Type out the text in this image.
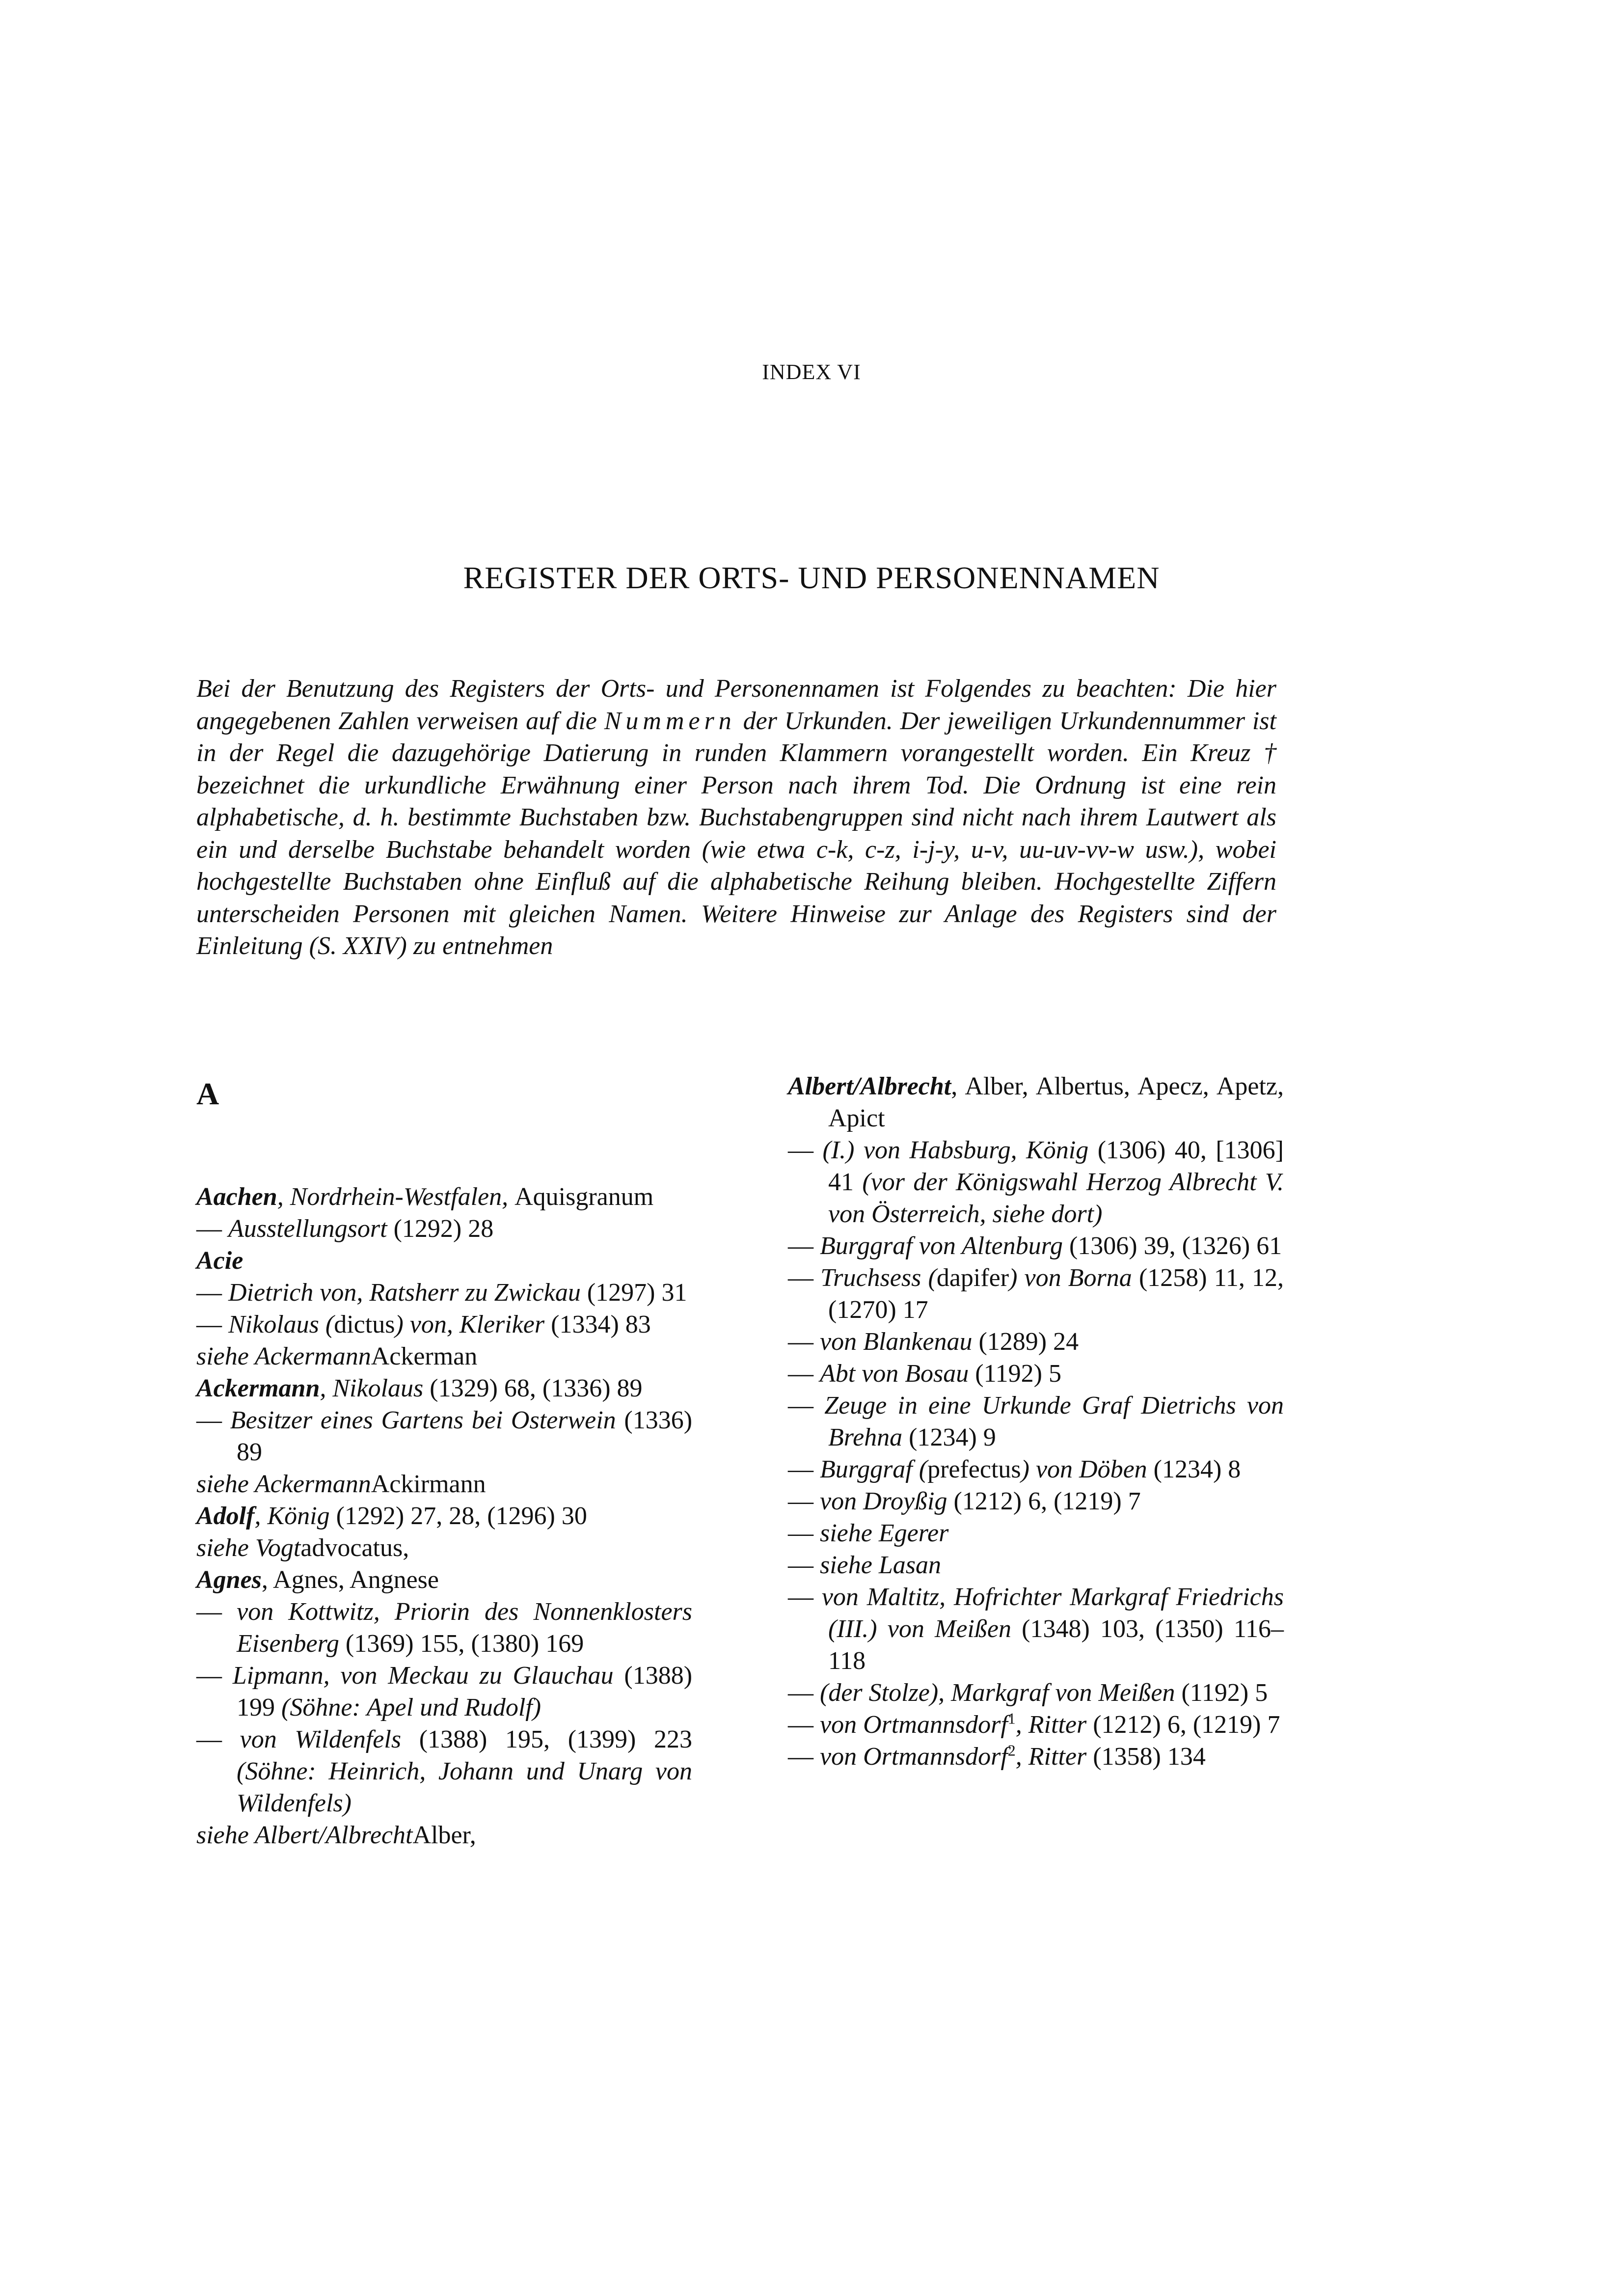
INDEX VI
REGISTER DER ORTS- UND PERSONENNAMEN

Bei der Benutzung des Registers der Orts- und Personennamen ist Folgendes zu beachten: Die hier angegebenen Zahlen verweisen auf die Nummern der Urkunden. Der jeweiligen Urkundennummer ist in der Regel die dazugehörige Datierung in runden Klammern vorangestellt worden. Ein Kreuz † bezeichnet die urkundliche Erwähnung einer Person nach ihrem Tod. Die Ordnung ist eine rein alphabetische, d. h. bestimmte Buchstaben bzw. Buchstabengruppen sind nicht nach ihrem Lautwert als ein und derselbe Buchstabe behandelt worden (wie etwa c-k, c-z, i-j-y, u-v, uu-uv-vv-w usw.), wobei hochgestellte Buchstaben ohne Einfluß auf die alphabetische Reihung bleiben. Hochgestellte Ziffern unterscheiden Personen mit gleichen Namen. Weitere Hinweise zur Anlage des Registers sind der Einleitung (S. XXIV) zu entnehmen

A
Aachen, Nordrhein-Westfalen, Aquisgranum
— Ausstellungsort (1292) 28
Acie
— Dietrich von, Ratsherr zu Zwickau (1297) 31
— Nikolaus (dictus) von, Kleriker (1334) 83
siehe AckermannAckerman
Ackermann, Nikolaus (1329) 68, (1336) 89
— Besitzer eines Gartens bei Osterwein (1336) 89
siehe AckermannAckirmann
Adolf, König (1292) 27, 28, (1296) 30
siehe Vogtadvocatus,
Agnes, Agnes, Angnese
— von Kottwitz, Priorin des Nonnenklosters Eisenberg (1369) 155, (1380) 169
— Lipmann, von Meckau zu Glauchau (1388) 199 (Söhne: Apel und Rudolf)
— von Wildenfels (1388) 195, (1399) 223 (Söhne: Heinrich, Johann und Unarg von Wildenfels)
siehe Albert/AlbrechtAlber,
Albert/Albrecht, Alber, Albertus, Apecz, Apetz, Apict
— (I.) von Habsburg, König (1306) 40, [1306] 41 (vor der Königswahl Herzog Albrecht V. von Österreich, siehe dort)
— Burggraf von Altenburg (1306) 39, (1326) 61
— Truchsess (dapifer) von Borna (1258) 11, 12, (1270) 17
— von Blankenau (1289) 24
— Abt von Bosau (1192) 5
— Zeuge in eine Urkunde Graf Dietrichs von Brehna (1234) 9
— Burggraf (prefectus) von Döben (1234) 8
— von Droyßig (1212) 6, (1219) 7
— siehe Egerer
— siehe Lasan
— von Maltitz, Hofrichter Markgraf Friedrichs (III.) von Meißen (1348) 103, (1350) 116–118
— (der Stolze), Markgraf von Meißen (1192) 5
— von Ortmannsdorf$^1$, Ritter (1212) 6, (1219) 7
— von Ortmannsdorf$^2$, Ritter (1358) 134
